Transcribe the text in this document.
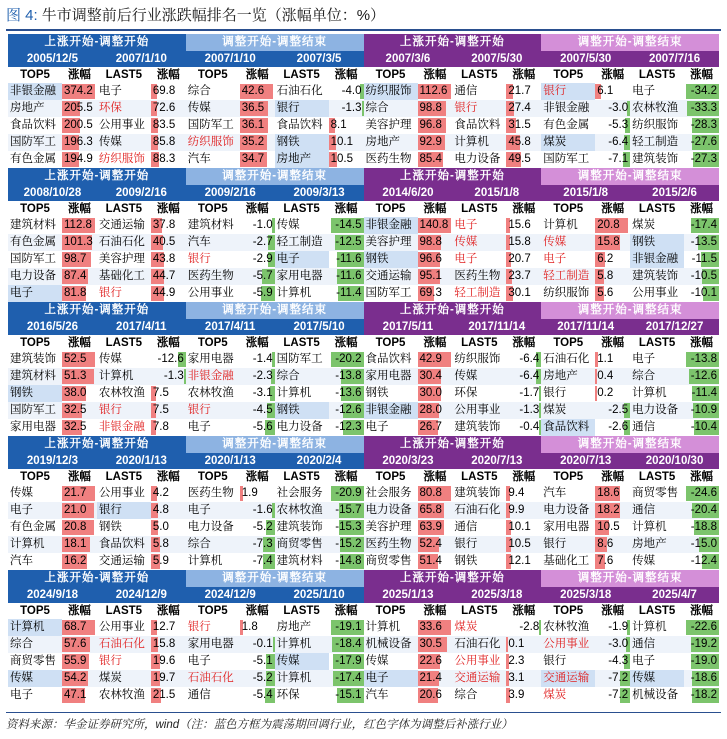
图 4: 牛市调整前后行业涨跌幅排名一览（涨幅单位：%）
上涨开始-调整开始
2005/12/5	2007/1/10
TOP5	涨幅	LAST5	涨幅
非银金融 374.2 电子	69.8
房地产	205.5 环保	72.6
食品饮料 200.5 公用事业 83.5
国防军工 196.3 传媒	85.8
有色金属 194.9 纺织服饰 88.3
调整开始-调整结束
2007/1/10	2007/3/5
TOP5	涨幅	LAST5	涨幅
综合	42.6	石油石化	-4.0
传媒	36.5	银行	-1.3
国防军工 36.1	食品饮料 8.1
纺织服饰 35.2	钢铁	10.1
汽车	34.7	房地产	10.5
上涨开始-调整开始
2007/3/6	2007/5/30
TOP5	涨幅	LAST5	涨幅
纺织服饰 112.6 通信	21.7
综合	98.8	银行	27.4
美容护理 96.8	食品饮料 31.5
房地产	92.9	计算机	45.8
医药生物 85.4	电力设备 49.5
调整开始-调整结束
2007/5/30	2007/7/16
TOP5	涨幅	LAST5	涨幅
银行	6.1	电子	-34.2
非银金融	-3.0 农林牧渔	-33.3
有色金属	-5.3 纺织服饰	-28.3
煤炭	-6.4 轻工制造	-27.6
国防军工	-7.1 建筑装饰	-27.3
上涨开始-调整开始
2008/10/28	2009/2/16
TOP5	涨幅	LAST5	涨幅
建筑材料 112.8 交通运输 37.8
有色金属 101.3 石油石化 40.5
国防军工 98.7	美容护理 43.8
电力设备 87.4	基础化工 44.7
电子	81.8	银行	44.9
调整开始-调整结束
2009/2/16	2009/3/13
TOP5	涨幅	LAST5	涨幅
建筑材料	-1.0 传媒	-14.5
汽车	-2.7 轻工制造	-12.5
银行	-2.9 电子	-11.6
医药生物	-5.7 家用电器	-11.6
公用事业	-5.9 计算机	-11.4
上涨开始-调整开始
2014/6/20	2015/1/8
TOP5	涨幅	LAST5	涨幅
非银金融 140.8 电子	15.6
美容护理 98.8	传媒	15.8
钢铁	96.6	电子	20.7
交通运输 95.1	医药生物 23.7
国防军工 69.3	轻工制造 30.1
调整开始-调整结束
2015/1/8	2015/2/6
TOP5	涨幅	LAST5	涨幅
计算机	20.8	煤炭	-17.4
传媒	15.8	钢铁	-13.5
电子	6.2	非银金融	-11.5
轻工制造 5.8	建筑装饰	-10.5
纺织服饰 5.6	公用事业	-10.1
上涨开始-调整开始
2016/5/26	2017/4/11
TOP5	涨幅	LAST5	涨幅
建筑装饰 52.5	传媒	-12.6
建筑材料 51.3	计算机	-1.3
钢铁	38.0	农林牧渔 7.5
国防军工 32.5	银行	7.5
家用电器 32.5	非银金融 7.8
调整开始-调整结束
2017/4/11	2017/5/10
TOP5	涨幅	LAST5	涨幅
家用电器	-1.4 国防军工	-20.2
非银金融	-2.3 综合	-13.8
农林牧渔	-3.1 计算机	-13.6
银行	-4.5 钢铁	-12.6
电子	-5.6 电力设备	-12.3
上涨开始-调整开始
2017/5/11	2017/11/14
TOP5	涨幅	LAST5	涨幅
食品饮料 42.9	纺织服饰	-6.4
家用电器 30.4	传媒	-6.4
钢铁	30.0	环保	-1.7
非银金融 28.0	公用事业	-1.3
电子	26.7	建筑装饰	-0.4
调整开始-调整结束
2017/11/14	2017/12/27
TOP5	涨幅	LAST5	涨幅
石油石化 1.1	电子	-13.8
房地产	0.4	综合	-12.6
银行	0.2	计算机	-11.4
煤炭	-2.5 电力设备	-10.9
食品饮料	-2.6 通信	-10.4
上涨开始-调整开始
2019/12/3	2020/1/13
TOP5	涨幅	LAST5	涨幅
传媒	21.7	公用事业 4.2
电子	21.0	银行	4.8
有色金属 20.8	钢铁	5.0
计算机	18.1	食品饮料 5.8
汽车	16.2	交通运输 5.9
调整开始-调整结束
2020/1/13	2020/2/4
TOP5	涨幅	LAST5	涨幅
医药生物 1.9	社会服务	-20.9
电子	-1.6 农林牧渔	-15.7
电力设备	-5.2 建筑装饰	-15.3
综合	-7.3 商贸零售	-15.2
计算机	-7.4 建筑材料	-14.8
上涨开始-调整开始
2020/3/23	2020/7/13
TOP5	涨幅	LAST5	涨幅
社会服务 80.8	建筑装饰 9.4
电力设备 65.8	石油石化 9.9
美容护理 63.9	通信	10.1
医药生物 52.4	银行	10.5
商贸零售 51.4	钢铁	12.1
调整开始-调整结束
2020/7/13	2020/10/30
TOP5	涨幅	LAST5	涨幅
汽车	18.6	商贸零售	-24.6
电力设备 18.2	通信	-20.4
家用电器 10.5	计算机	-18.8
银行	8.6	房地产	-15.0
基础化工 7.6	传媒	-12.4
上涨开始-调整开始
2024/9/18	2024/12/9
TOP5	涨幅	LAST5	涨幅
计算机	68.7	公用事业 12.7
综合	57.6	石油石化 15.8
商贸零售 55.9	银行	19.6
传媒	54.2	煤炭	19.7
电子	47.1	农林牧渔 21.5
调整开始-调整结束
2024/12/9	2025/1/10
TOP5	涨幅	LAST5	涨幅
银行	1.8	房地产	-19.1
家用电器	-0.1 计算机	-18.4
电子	-5.1 传媒	-17.9
石油石化	-5.2 计算机	-17.4
通信	-5.4 环保	-15.1
上涨开始-调整开始
2025/1/13	2025/3/18
TOP5	涨幅	LAST5	涨幅
计算机	33.6	煤炭	-2.8
机械设备 30.5	石油石化 0.1
传媒	22.6	公用事业 2.3
电子	21.4	交通运输 3.1
汽车	20.6	综合	3.9
调整开始-调整结束
2025/3/18	2025/4/7
TOP5	涨幅	LAST5	涨幅
农林牧渔	-1.9 计算机	-22.6
公用事业	-3.0 通信	-19.2
银行	-4.3 电子	-19.0
交通运输	-7.2 传媒	-18.6
煤炭	-7.2 机械设备	-18.2
资料来源：华金证券研究所，wind（注：蓝色方框为震荡期回调行业，红色字体为调整后补涨行业）
